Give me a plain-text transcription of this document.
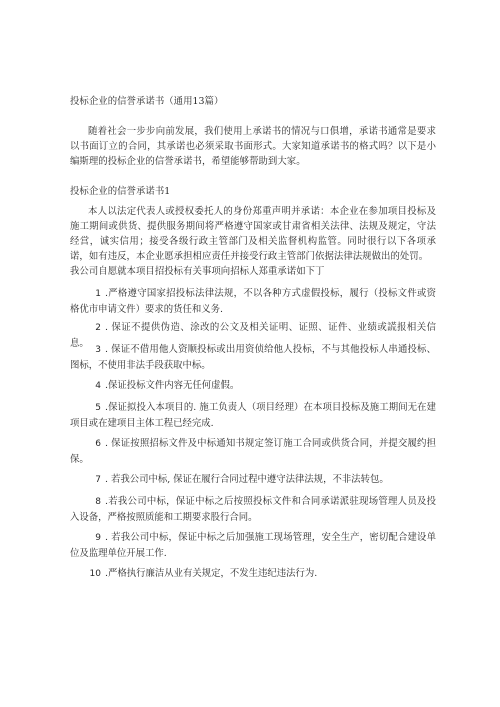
投标企业的信誉承诺书（通用13篇）
随着社会一步步向前发展，我们使用上承诺书的情况与口俱增，承诺书通常是要求以书面订立的合同，其承诺也必须采取书面形式。大家知道承诺书的格式吗？以下是小编斯理的投标企业的信誉承诺书，希望能够帮助到大家。
投标企业的信誉承诺书1
本人以法定代表人或授权委托人的身份郑重声明并承诺：本企业在参加项目投标及施工期间或供货、提供服务期间将严格遵守国家或甘肃省相关法律、法规及规定，守法经営，诚实信用；接受各级行政主管部门及相关监督机构监管。同时很行以下各项承诺，如有违反，本企业愿承担相应责任并接受行政主管部门依据法律法规做出的处罚。
我公司自愿就本项目招投标有关事项向招标人郑重承诺如下丁
1 .严格遵守国家招投标法律法规，不以各种方式虚假投标，履行（投标文件或资格优市申请文件）要求的货任和义务.
2 . 保证不提供伪造、涂改的公文及相关证明、证照、证件、业绩或謊报相关信息。
3 . 保证不借用他人资顺投标或出用资侦给他人投标，不与其他投标人串通投标、图标，不使用非法手段获取中标。
4 .保证投标文件内容无任何虚假。
5 .保证拟投入本项目的. 施工负责人（项目经理）在本项目投标及施工期间无在建项目或在建项目主体工程已经完成.
6 . 保证按照招标文件及中标通知书规定签订施工合同或供货合同，并提交履约担保。
7 . 若我公司中标, 保证在履行合同过程中遵守法律法规，不非法转包。
8 .若我公司中标，保证中标之后按照投标文件和合同承诺派驻现场管理人员及投入设备，严格按照质能和工期要求股行合同。
9 . 若我公司中标，保证中标之后加强施工现场管理，安全生产，密切配合建设单位及监理单位开展工作.
10 .严格执行廉洁从业有关规定，不发生违纪违法行为.
